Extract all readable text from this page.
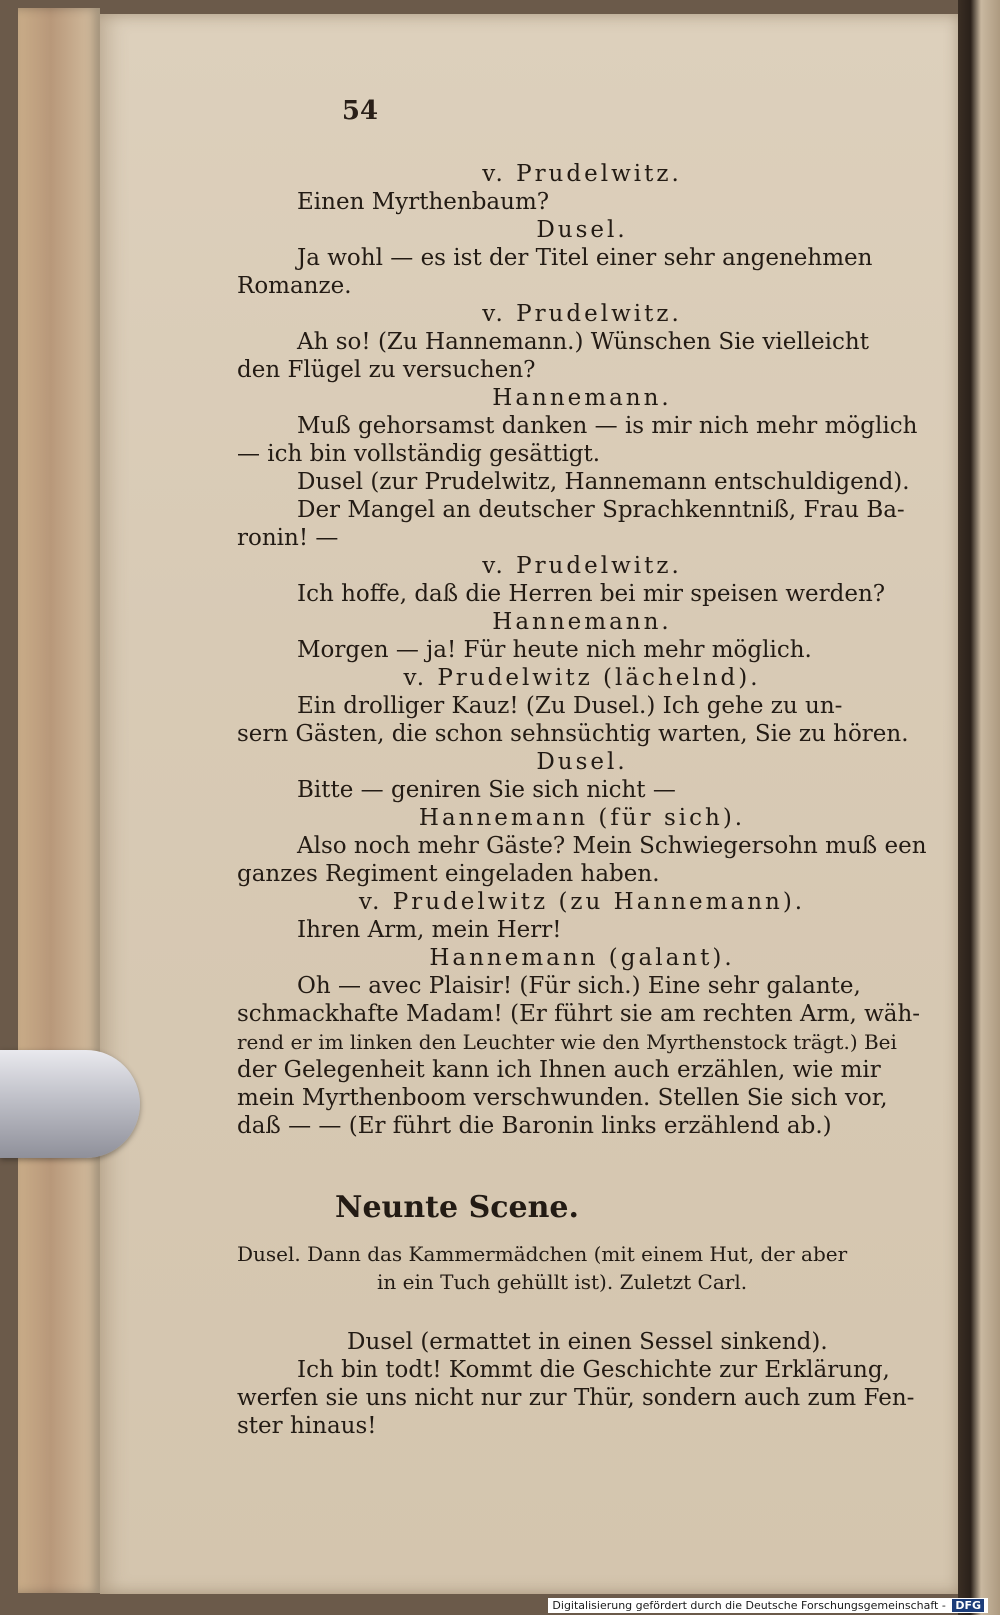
54
v. Prudelwitz.
Einen Myrthenbaum?
Dusel.
Ja wohl — es ist der Titel einer sehr angenehmen
Romanze.
v. Prudelwitz.
Ah so! (Zu Hannemann.) Wünschen Sie vielleicht
den Flügel zu versuchen?
Hannemann.
Muß gehorsamst danken — is mir nich mehr möglich
— ich bin vollständig gesättigt.
Dusel (zur Prudelwitz, Hannemann entschuldigend).
Der Mangel an deutscher Sprachkenntniß, Frau Ba-
ronin! —
v. Prudelwitz.
Ich hoffe, daß die Herren bei mir speisen werden?
Hannemann.
Morgen — ja! Für heute nich mehr möglich.
v. Prudelwitz (lächelnd).
Ein drolliger Kauz! (Zu Dusel.) Ich gehe zu un-
sern Gästen, die schon sehnsüchtig warten, Sie zu hören.
Dusel.
Bitte — geniren Sie sich nicht —
Hannemann (für sich).
Also noch mehr Gäste? Mein Schwiegersohn muß een
ganzes Regiment eingeladen haben.
v. Prudelwitz (zu Hannemann).
Ihren Arm, mein Herr!
Hannemann (galant).
Oh — avec Plaisir! (Für sich.) Eine sehr galante,
schmackhafte Madam! (Er führt sie am rechten Arm, wäh-
rend er im linken den Leuchter wie den Myrthenstock trägt.) Bei
der Gelegenheit kann ich Ihnen auch erzählen, wie mir
mein Myrthenboom verschwunden. Stellen Sie sich vor,
daß — — (Er führt die Baronin links erzählend ab.)
Dusel. Dann das Kammermädchen (mit einem Hut, der aber
in ein Tuch gehüllt ist). Zuletzt Carl.
Dusel (ermattet in einen Sessel sinkend).
Ich bin todt! Kommt die Geschichte zur Erklärung,
werfen sie uns nicht nur zur Thür, sondern auch zum Fen-
ster hinaus!
Neunte Scene.
Digitalisierung gefördert durch die Deutsche Forschungsgemeinschaft - DFG
